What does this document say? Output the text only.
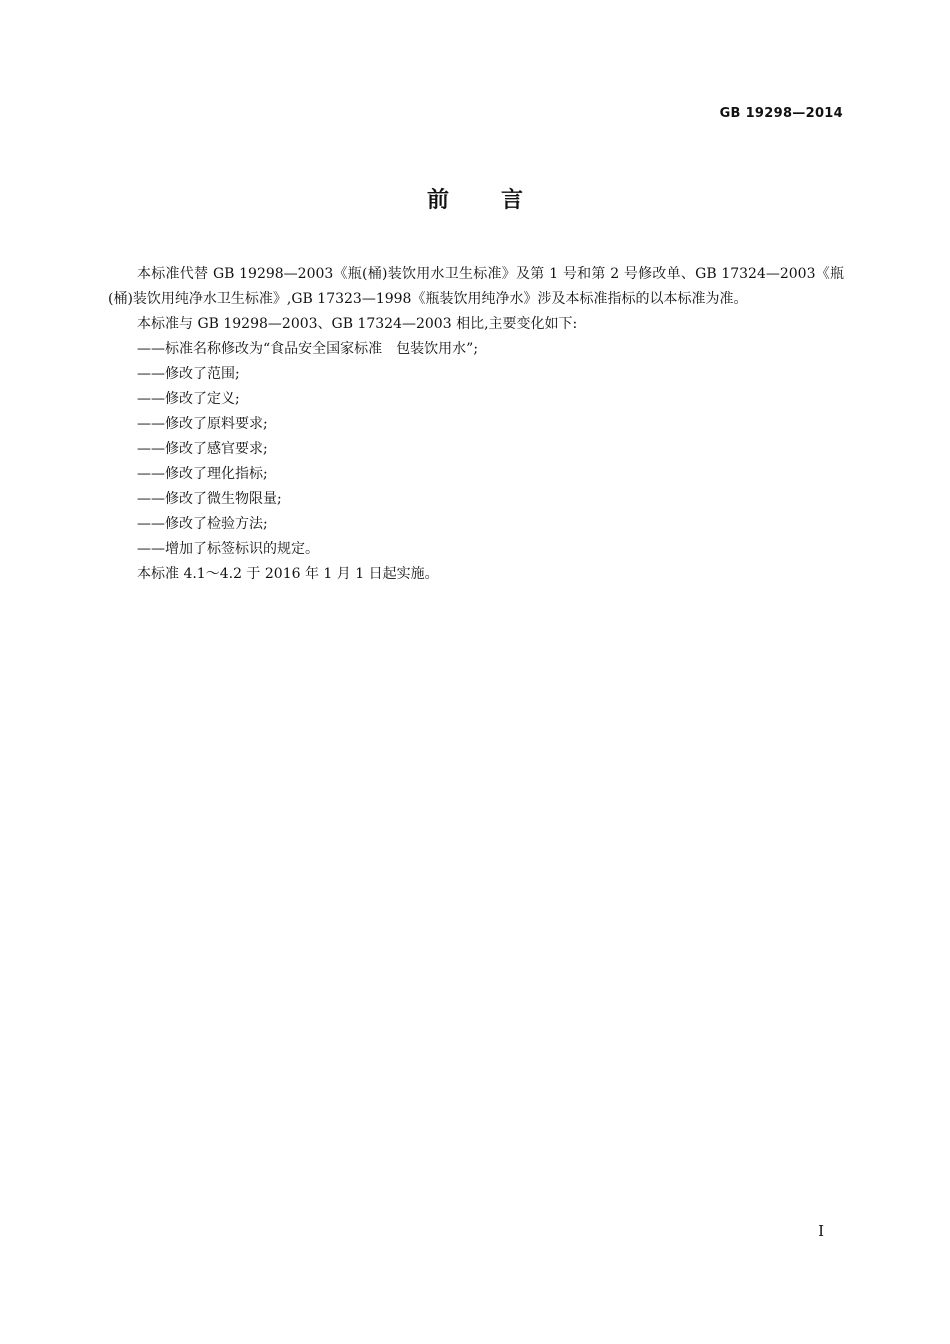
GB 19298—2014
前言

本标准代替 GB 19298—2003《瓶(桶)装饮用水卫生标准》及第 1 号和第 2 号修改单、GB 17324—2003《瓶(桶)装饮用纯净水卫生标准》,GB 17323—1998《瓶装饮用纯净水》涉及本标准指标的以本标准为准。

本标准与 GB 19298—2003、GB 17324—2003 相比,主要变化如下:

——标准名称修改为“食品安全国家标准　包装饮用水”;
——修改了范围;
——修改了定义;
——修改了原料要求;
——修改了感官要求;
——修改了理化指标;
——修改了微生物限量;
——修改了检验方法;
——增加了标签标识的规定。

本标准 4.1～4.2 于 2016 年 1 月 1 日起实施。

I
